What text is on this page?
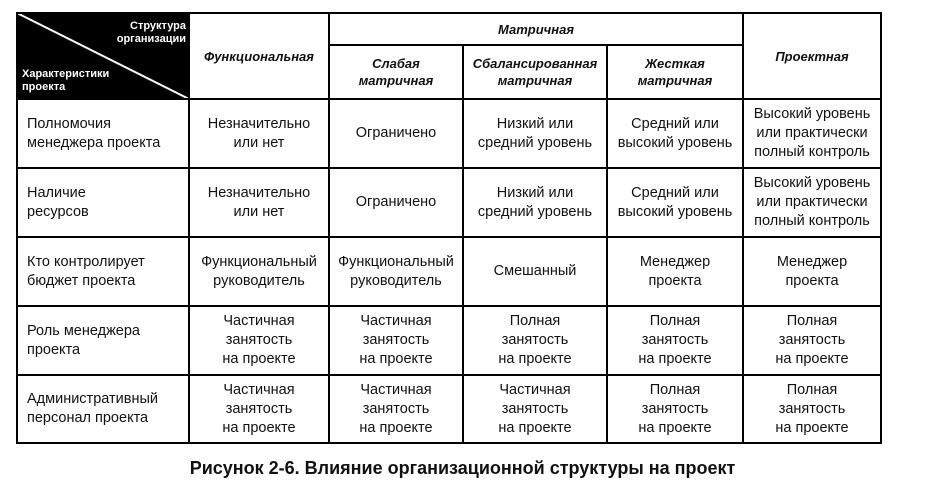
Структура
организации
Характеристики
проекта
Функциональная
Матричная
Слабая
матричная
Сбалансированная
матричная
Жесткая
матричная
Проектная
Полномочия
менеджера проекта
Незначительно
или нет
Ограничено
Низкий или
средний уровень
Средний или
высокий уровень
Высокий уровень
или практически
полный контроль
Наличие
ресурсов
Незначительно
или нет
Ограничено
Низкий или
средний уровень
Средний или
высокий уровень
Высокий уровень
или практически
полный контроль
Кто контролирует
бюджет проекта
Функциональный
руководитель
Функциональный
руководитель
Смешанный
Менеджер
проекта
Менеджер
проекта
Роль менеджера
проекта
Частичная
занятость
на проекте
Частичная
занятость
на проекте
Полная
занятость
на проекте
Полная
занятость
на проекте
Полная
занятость
на проекте
Административный
персонал проекта
Частичная
занятость
на проекте
Частичная
занятость
на проекте
Частичная
занятость
на проекте
Полная
занятость
на проекте
Полная
занятость
на проекте
Рисунок 2-6. Влияние организационной структуры на проект
